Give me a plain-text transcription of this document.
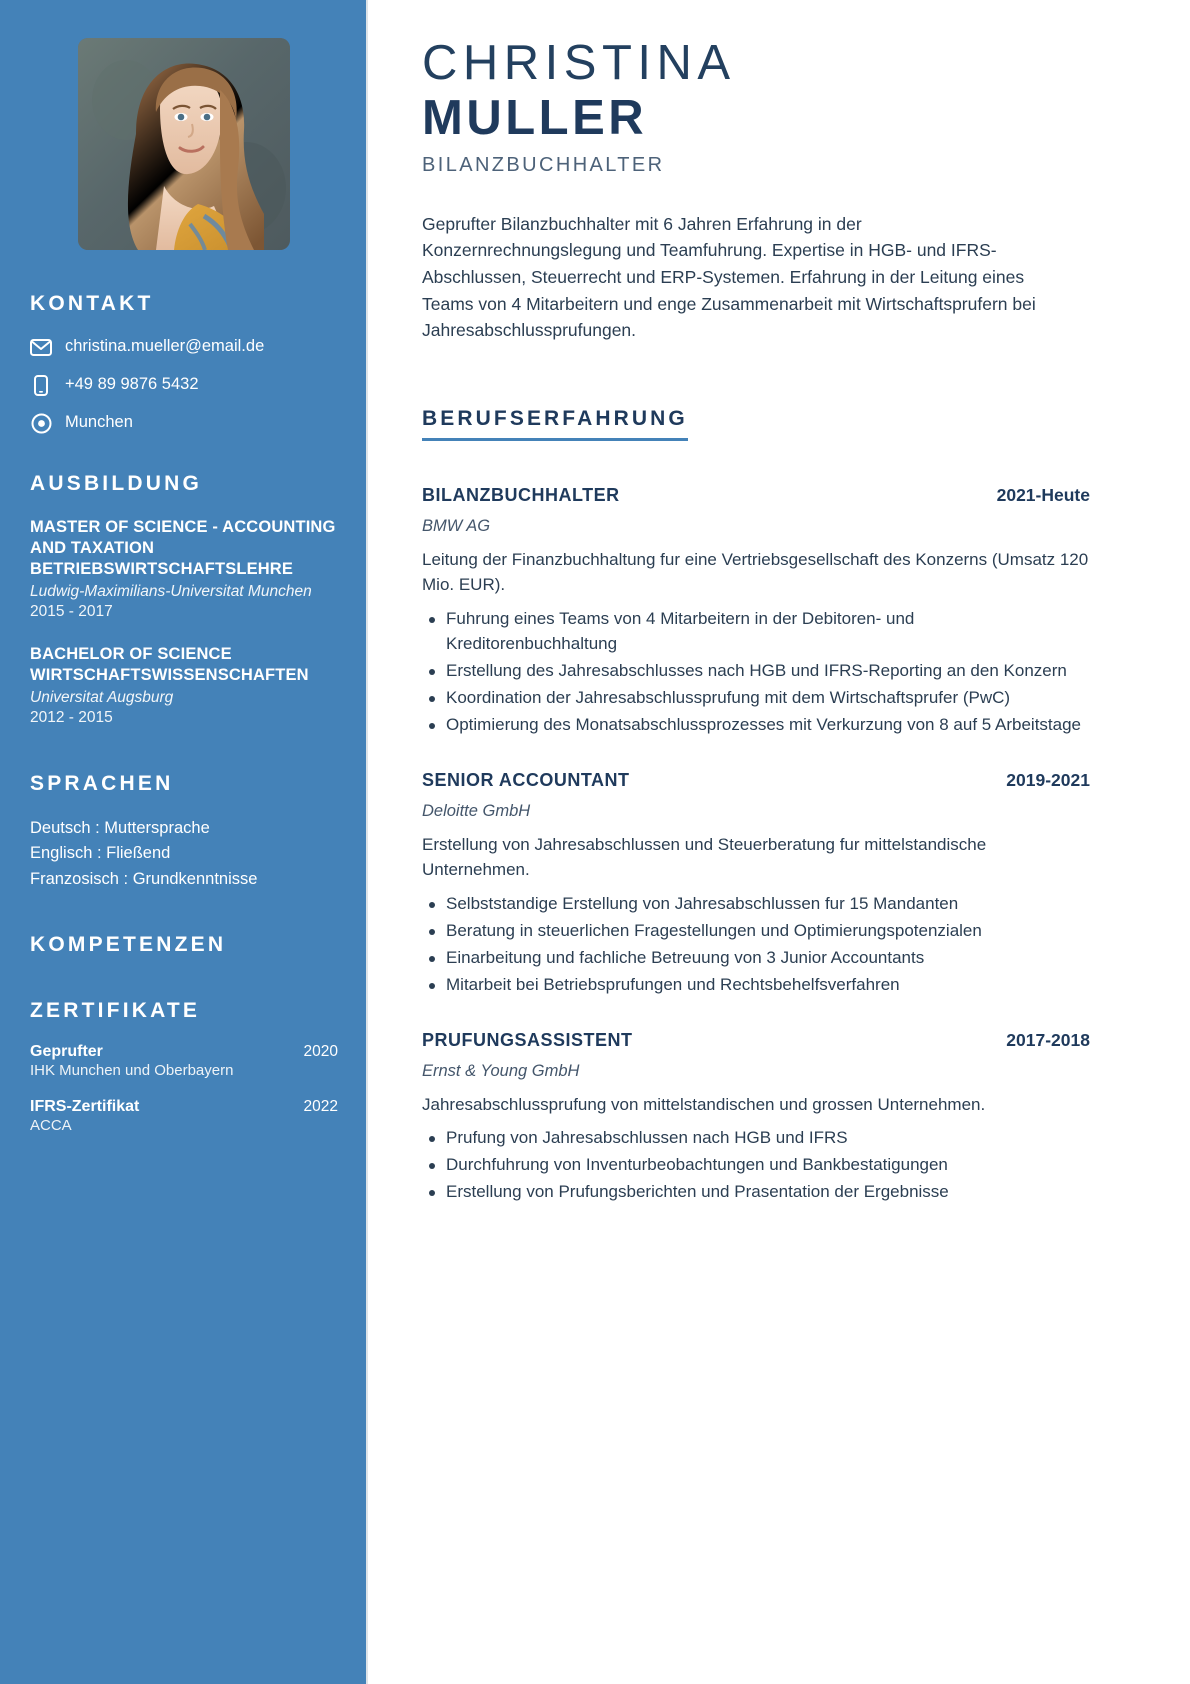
KONTAKT
christina.mueller@email.de
+49 89 9876 5432
Munchen
AUSBILDUNG
MASTER OF SCIENCE - ACCOUNTING AND TAXATION BETRIEBSWIRTSCHAFTSLEHRE
Ludwig-Maximilians-Universitat Munchen
2015 - 2017
BACHELOR OF SCIENCE WIRTSCHAFTSWISSENSCHAFTEN
Universitat Augsburg
2012 - 2015
SPRACHEN
Deutsch : Muttersprache
Englisch : Fließend
Franzosisch : Grundkenntnisse
KOMPETENZEN
ZERTIFIKATE
Geprufter	2020
IHK Munchen und Oberbayern
IFRS-Zertifikat	2022
ACCA
CHRISTINA
MULLER
BILANZBUCHHALTER

Geprufter Bilanzbuchhalter mit 6 Jahren Erfahrung in der Konzernrechnungslegung und Teamfuhrung. Expertise in HGB- und IFRS-Abschlussen, Steuerrecht und ERP-Systemen. Erfahrung in der Leitung eines Teams von 4 Mitarbeitern und enge Zusammenarbeit mit Wirtschaftsprufern bei Jahresabschlussprufungen.

BERUFSERFAHRUNG
BILANZBUCHHALTER	2021-Heute
BMW AG
Leitung der Finanzbuchhaltung fur eine Vertriebsgesellschaft des Konzerns (Umsatz 120 Mio. EUR).
Fuhrung eines Teams von 4 Mitarbeitern in der Debitoren- und Kreditorenbuchhaltung
Erstellung des Jahresabschlusses nach HGB und IFRS-Reporting an den Konzern
Koordination der Jahresabschlussprufung mit dem Wirtschaftsprufer (PwC)
Optimierung des Monatsabschlussprozesses mit Verkurzung von 8 auf 5 Arbeitstage
SENIOR ACCOUNTANT	2019-2021
Deloitte GmbH
Erstellung von Jahresabschlussen und Steuerberatung fur mittelstandische Unternehmen.
Selbststandige Erstellung von Jahresabschlussen fur 15 Mandanten
Beratung in steuerlichen Fragestellungen und Optimierungspotenzialen
Einarbeitung und fachliche Betreuung von 3 Junior Accountants
Mitarbeit bei Betriebsprufungen und Rechtsbehelfsverfahren
PRUFUNGSASSISTENT	2017-2018
Ernst & Young GmbH
Jahresabschlussprufung von mittelstandischen und grossen Unternehmen.
Prufung von Jahresabschlussen nach HGB und IFRS
Durchfuhrung von Inventurbeobachtungen und Bankbestatigungen
Erstellung von Prufungsberichten und Prasentation der Ergebnisse
